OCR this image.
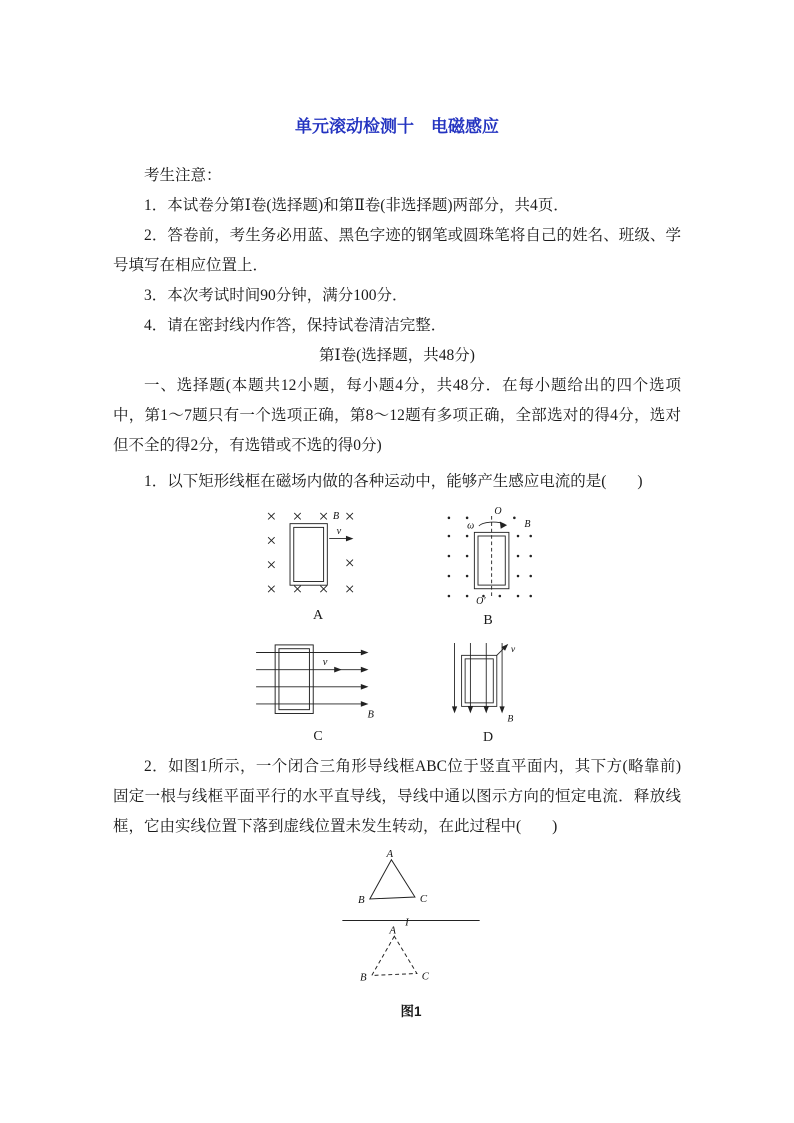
单元滚动检测十　电磁感应

考生注意：

1．本试卷分第Ⅰ卷(选择题)和第Ⅱ卷(非选择题)两部分，共4页．

2．答卷前，考生务必用蓝、黑色字迹的钢笔或圆珠笔将自己的姓名、班级、学号填写在相应位置上．

3．本次考试时间90分钟，满分100分．

4．请在密封线内作答，保持试卷清洁完整．

第Ⅰ卷(选择题，共48分)

一、选择题(本题共12小题，每小题4分，共48分．在每小题给出的四个选项中，第1～7题只有一个选项正确，第8～12题有多项正确，全部选对的得4分，选对但不全的得2分，有选错或不选的得0分)

1．以下矩形线框在磁场内做的各种运动中，能够产生感应电流的是(　　)

B
v
A
O
ω	B
O′
B
v
B
C
v
B
D

2．如图1所示，一个闭合三角形导线框ABC位于竖直平面内，其下方(略靠前)固定一根与线框平面平行的水平直导线，导线中通以图示方向的恒定电流．释放线框，它由实线位置下落到虚线位置未发生转动，在此过程中(　　)

A
B	C
I
A
B	C
图1
